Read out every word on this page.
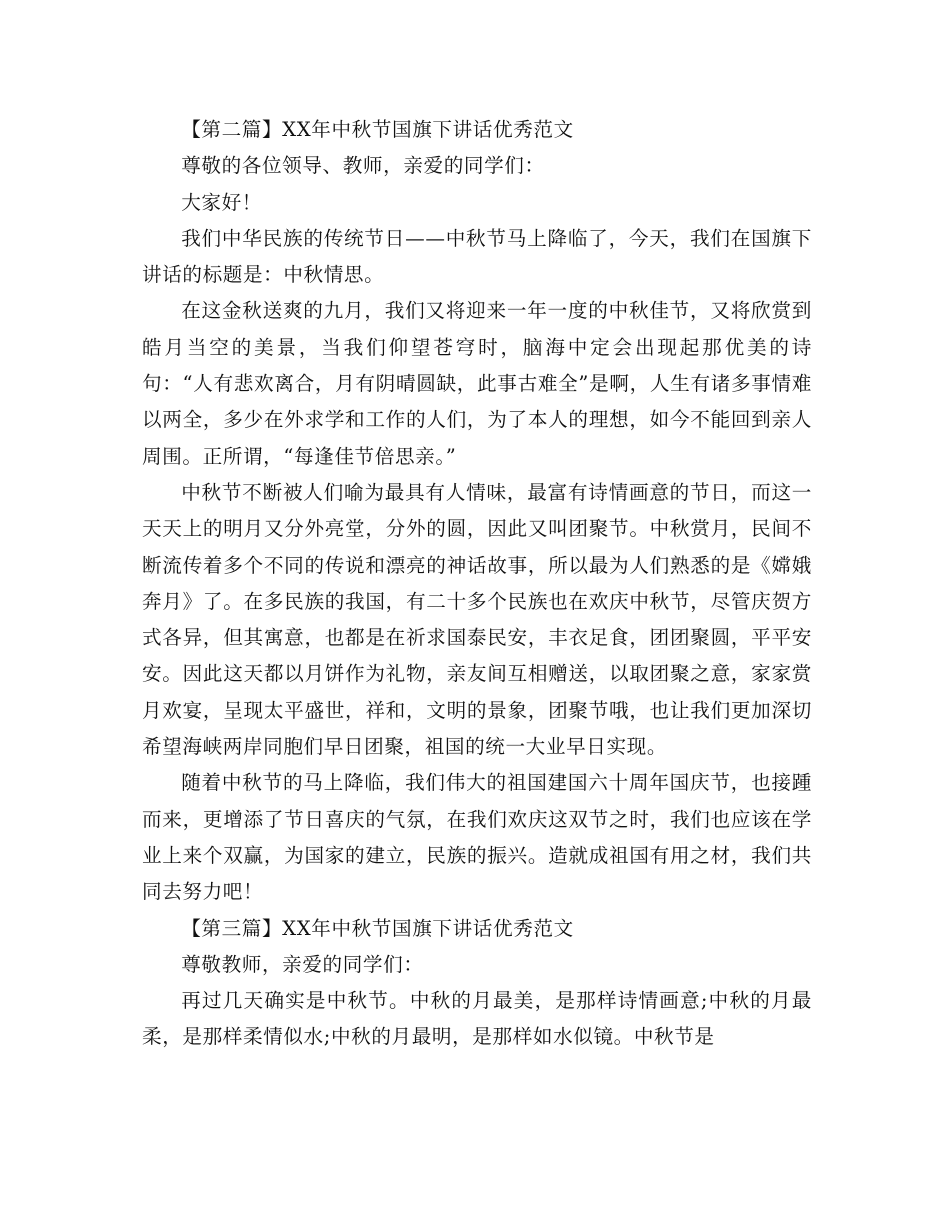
【第二篇】XX年中秋节国旗下讲话优秀范文

尊敬的各位领导、教师，亲爱的同学们：

大家好！

我们中华民族的传统节日——中秋节马上降临了，今天，我们在国旗下讲话的标题是：中秋情思。

在这金秋送爽的九月，我们又将迎来一年一度的中秋佳节，又将欣赏到皓月当空的美景，当我们仰望苍穹时，脑海中定会出现起那优美的诗句：“人有悲欢离合，月有阴晴圆缺，此事古难全”是啊，人生有诸多事情难以两全，多少在外求学和工作的人们，为了本人的理想，如今不能回到亲人周围。正所谓，“每逢佳节倍思亲。”

中秋节不断被人们喻为最具有人情味，最富有诗情画意的节日，而这一天天上的明月又分外亮堂，分外的圆，因此又叫团聚节。中秋赏月，民间不断流传着多个不同的传说和漂亮的神话故事，所以最为人们熟悉的是《嫦娥奔月》了。在多民族的我国，有二十多个民族也在欢庆中秋节，尽管庆贺方式各异，但其寓意，也都是在祈求国泰民安，丰衣足食，团团聚圆，平平安安。因此这天都以月饼作为礼物，亲友间互相赠送，以取团聚之意，家家赏月欢宴，呈现太平盛世，祥和，文明的景象，团聚节哦，也让我们更加深切希望海峡两岸同胞们早日团聚，祖国的统一大业早日实现。

随着中秋节的马上降临，我们伟大的祖国建国六十周年国庆节，也接踵而来，更增添了节日喜庆的气氛，在我们欢庆这双节之时，我们也应该在学业上来个双赢，为国家的建立，民族的振兴。造就成祖国有用之材，我们共同去努力吧！

【第三篇】XX年中秋节国旗下讲话优秀范文

尊敬教师，亲爱的同学们：

再过几天确实是中秋节。中秋的月最美，是那样诗情画意;中秋的月最柔，是那样柔情似水;中秋的月最明，是那样如水似镜。中秋节是
